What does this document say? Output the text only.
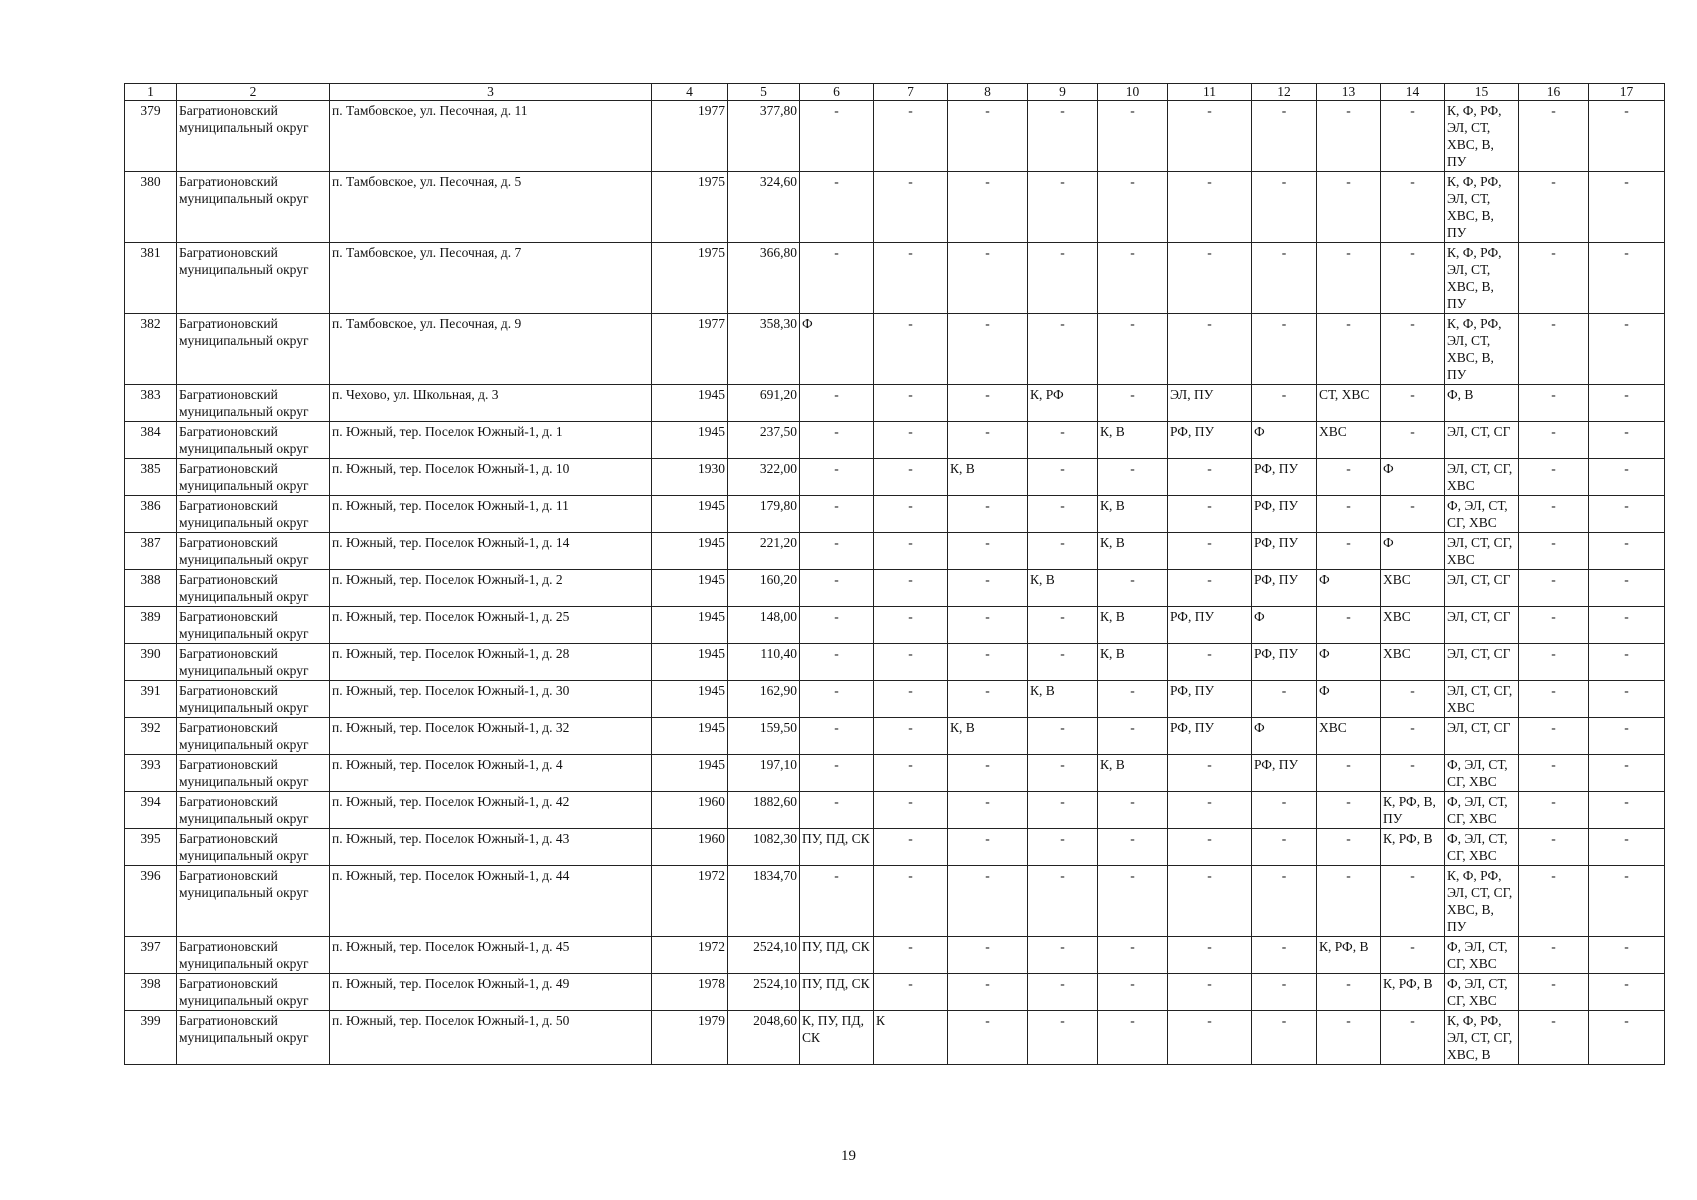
1	2	3	4	5	6	7	8	9	10	11	12	13	14	15	16	17
379	Багратионовский муниципальный округ	п. Тамбовское, ул. Песочная, д. 11	1977	377,80	-	-	-	-	-	-	-	-	-	К, Ф, РФ, ЭЛ, СТ, ХВС, В, ПУ	-	-
380	Багратионовский муниципальный округ	п. Тамбовское, ул. Песочная, д. 5	1975	324,60	-	-	-	-	-	-	-	-	-	К, Ф, РФ, ЭЛ, СТ, ХВС, В, ПУ	-	-
381	Багратионовский муниципальный округ	п. Тамбовское, ул. Песочная, д. 7	1975	366,80	-	-	-	-	-	-	-	-	-	К, Ф, РФ, ЭЛ, СТ, ХВС, В, ПУ	-	-
382	Багратионовский муниципальный округ	п. Тамбовское, ул. Песочная, д. 9	1977	358,30	Ф	-	-	-	-	-	-	-	-	К, Ф, РФ, ЭЛ, СТ, ХВС, В, ПУ	-	-
383	Багратионовский муниципальный округ	п. Чехово, ул. Школьная, д. 3	1945	691,20	-	-	-	К, РФ	-	ЭЛ, ПУ	-	СТ, ХВС	-	Ф, В	-	-
384	Багратионовский муниципальный округ	п. Южный, тер. Поселок Южный-1, д. 1	1945	237,50	-	-	-	-	К, В	РФ, ПУ	Ф	ХВС	-	ЭЛ, СТ, СГ	-	-
385	Багратионовский муниципальный округ	п. Южный, тер. Поселок Южный-1, д. 10	1930	322,00	-	-	К, В	-	-	-	РФ, ПУ	-	Ф	ЭЛ, СТ, СГ, ХВС	-	-
386	Багратионовский муниципальный округ	п. Южный, тер. Поселок Южный-1, д. 11	1945	179,80	-	-	-	-	К, В	-	РФ, ПУ	-	-	Ф, ЭЛ, СТ, СГ, ХВС	-	-
387	Багратионовский муниципальный округ	п. Южный, тер. Поселок Южный-1, д. 14	1945	221,20	-	-	-	-	К, В	-	РФ, ПУ	-	Ф	ЭЛ, СТ, СГ, ХВС	-	-
388	Багратионовский муниципальный округ	п. Южный, тер. Поселок Южный-1, д. 2	1945	160,20	-	-	-	К, В	-	-	РФ, ПУ	Ф	ХВС	ЭЛ, СТ, СГ	-	-
389	Багратионовский муниципальный округ	п. Южный, тер. Поселок Южный-1, д. 25	1945	148,00	-	-	-	-	К, В	РФ, ПУ	Ф	-	ХВС	ЭЛ, СТ, СГ	-	-
390	Багратионовский муниципальный округ	п. Южный, тер. Поселок Южный-1, д. 28	1945	110,40	-	-	-	-	К, В	-	РФ, ПУ	Ф	ХВС	ЭЛ, СТ, СГ	-	-
391	Багратионовский муниципальный округ	п. Южный, тер. Поселок Южный-1, д. 30	1945	162,90	-	-	-	К, В	-	РФ, ПУ	-	Ф	-	ЭЛ, СТ, СГ, ХВС	-	-
392	Багратионовский муниципальный округ	п. Южный, тер. Поселок Южный-1, д. 32	1945	159,50	-	-	К, В	-	-	РФ, ПУ	Ф	ХВС	-	ЭЛ, СТ, СГ	-	-
393	Багратионовский муниципальный округ	п. Южный, тер. Поселок Южный-1, д. 4	1945	197,10	-	-	-	-	К, В	-	РФ, ПУ	-	-	Ф, ЭЛ, СТ, СГ, ХВС	-	-
394	Багратионовский муниципальный округ	п. Южный, тер. Поселок Южный-1, д. 42	1960	1882,60	-	-	-	-	-	-	-	-	К, РФ, В, ПУ	Ф, ЭЛ, СТ, СГ, ХВС	-	-
395	Багратионовский муниципальный округ	п. Южный, тер. Поселок Южный-1, д. 43	1960	1082,30	ПУ, ПД, СК	-	-	-	-	-	-	-	К, РФ, В	Ф, ЭЛ, СТ, СГ, ХВС	-	-
396	Багратионовский муниципальный округ	п. Южный, тер. Поселок Южный-1, д. 44	1972	1834,70	-	-	-	-	-	-	-	-	-	К, Ф, РФ, ЭЛ, СТ, СГ, ХВС, В, ПУ	-	-
397	Багратионовский муниципальный округ	п. Южный, тер. Поселок Южный-1, д. 45	1972	2524,10	ПУ, ПД, СК	-	-	-	-	-	-	К, РФ, В	-	Ф, ЭЛ, СТ, СГ, ХВС	-	-
398	Багратионовский муниципальный округ	п. Южный, тер. Поселок Южный-1, д. 49	1978	2524,10	ПУ, ПД, СК	-	-	-	-	-	-	-	К, РФ, В	Ф, ЭЛ, СТ, СГ, ХВС	-	-
399	Багратионовский муниципальный округ	п. Южный, тер. Поселок Южный-1, д. 50	1979	2048,60	К, ПУ, ПД, СК	К	-	-	-	-	-	-	-	К, Ф, РФ, ЭЛ, СТ, СГ, ХВС, В	-	-
19
